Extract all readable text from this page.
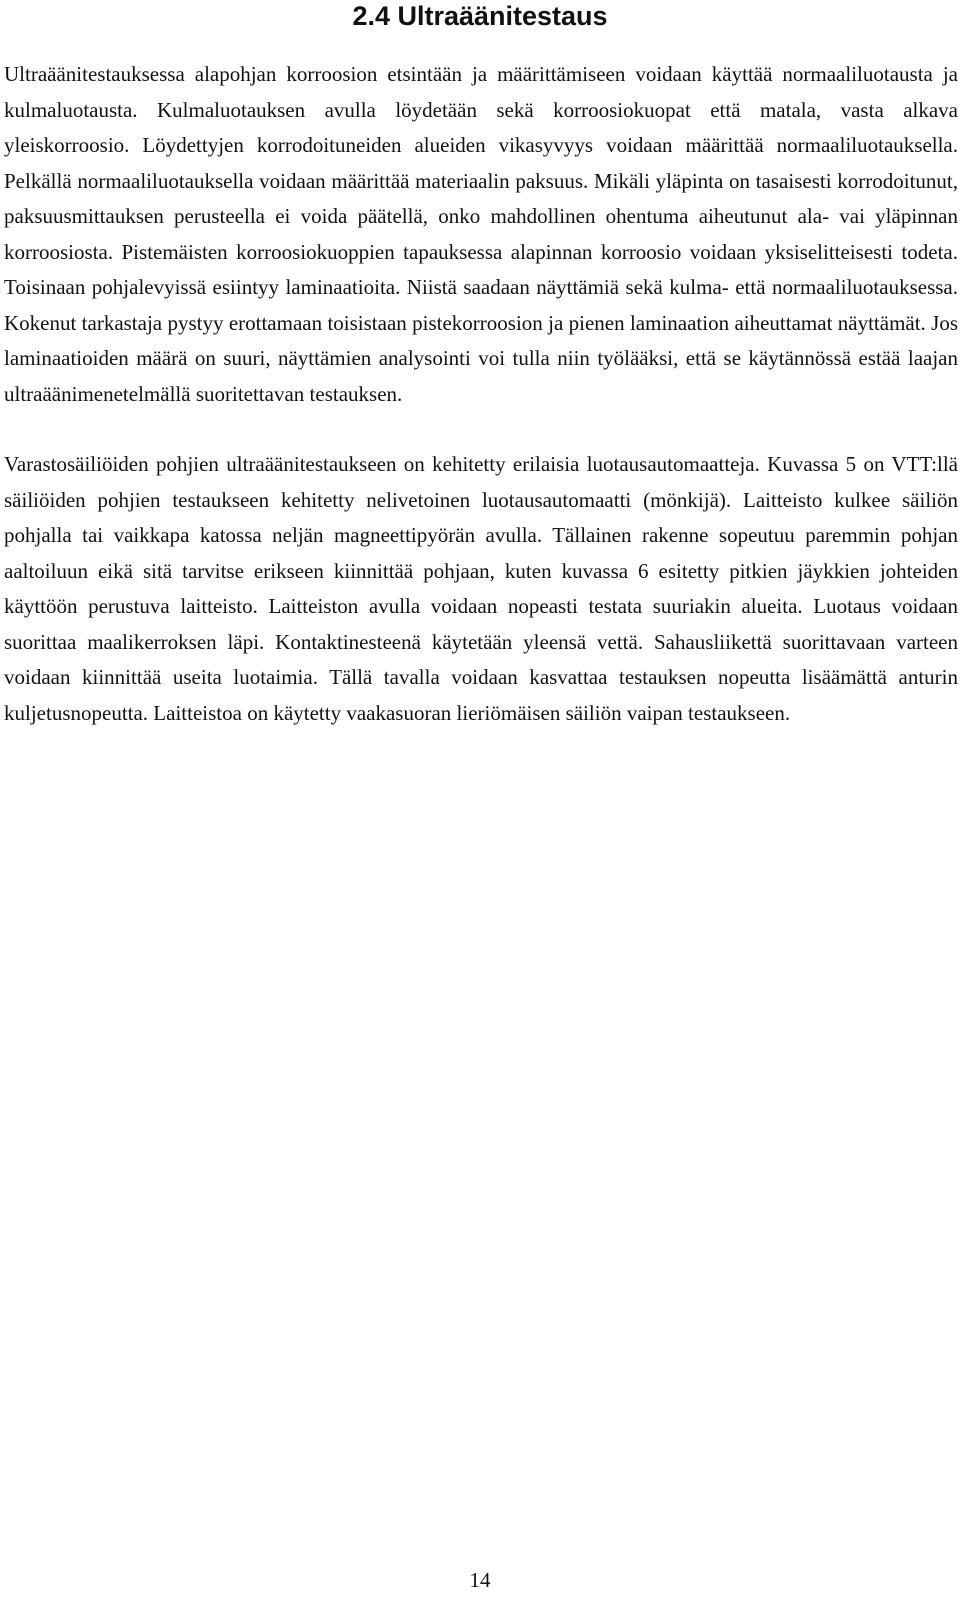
2.4 Ultraäänitestaus

Ultraäänitestauksessa alapohjan korroosion etsintään ja määrittämiseen voidaan käyttää normaaliluotausta ja kulmaluotausta. Kulmaluotauksen avulla löydetään sekä korroosiokuopat että matala, vasta alkava yleiskorroosio. Löydettyjen korrodoituneiden alueiden vikasyvyys voidaan määrittää normaaliluotauksella. Pelkällä normaaliluotauksella voidaan määrittää materiaalin paksuus. Mikäli yläpinta on tasaisesti korrodoitunut, paksuusmittauksen perusteella ei voida päätellä, onko mahdollinen ohentuma aiheutunut ala- vai yläpinnan korroosiosta. Pistemäisten korroosiokuoppien tapauksessa alapinnan korroosio voidaan yksiselitteisesti todeta. Toisinaan pohjalevyissä esiintyy laminaatioita. Niistä saadaan näyttämiä sekä kulma- että normaaliluotauksessa. Kokenut tarkastaja pystyy erottamaan toisistaan pistekorroosion ja pienen laminaation aiheuttamat näyttämät. Jos laminaatioiden määrä on suuri, näyttämien analysointi voi tulla niin työlääksi, että se käytännössä estää laajan ultraäänimenetelmällä suoritettavan testauksen.

Varastosäiliöiden pohjien ultraäänitestaukseen on kehitetty erilaisia luotausautomaatteja. Kuvassa 5 on VTT:llä säiliöiden pohjien testaukseen kehitetty nelivetoinen luotausautomaatti (mönkijä). Laitteisto kulkee säiliön pohjalla tai vaikkapa katossa neljän magneettipyörän avulla. Tällainen rakenne sopeutuu paremmin pohjan aaltoiluun eikä sitä tarvitse erikseen kiinnittää pohjaan, kuten kuvassa 6 esitetty pitkien jäykkien johteiden käyttöön perustuva laitteisto. Laitteiston avulla voidaan nopeasti testata suuriakin alueita. Luotaus voidaan suorittaa maalikerroksen läpi. Kontaktinesteenä käytetään yleensä vettä. Sahausliikettä suorittavaan varteen voidaan kiinnittää useita luotaimia. Tällä tavalla voidaan kasvattaa testauksen nopeutta lisäämättä anturin kuljetusnopeutta. Laitteistoa on käytetty vaakasuoran lieriömäisen säiliön vaipan testaukseen.

14
